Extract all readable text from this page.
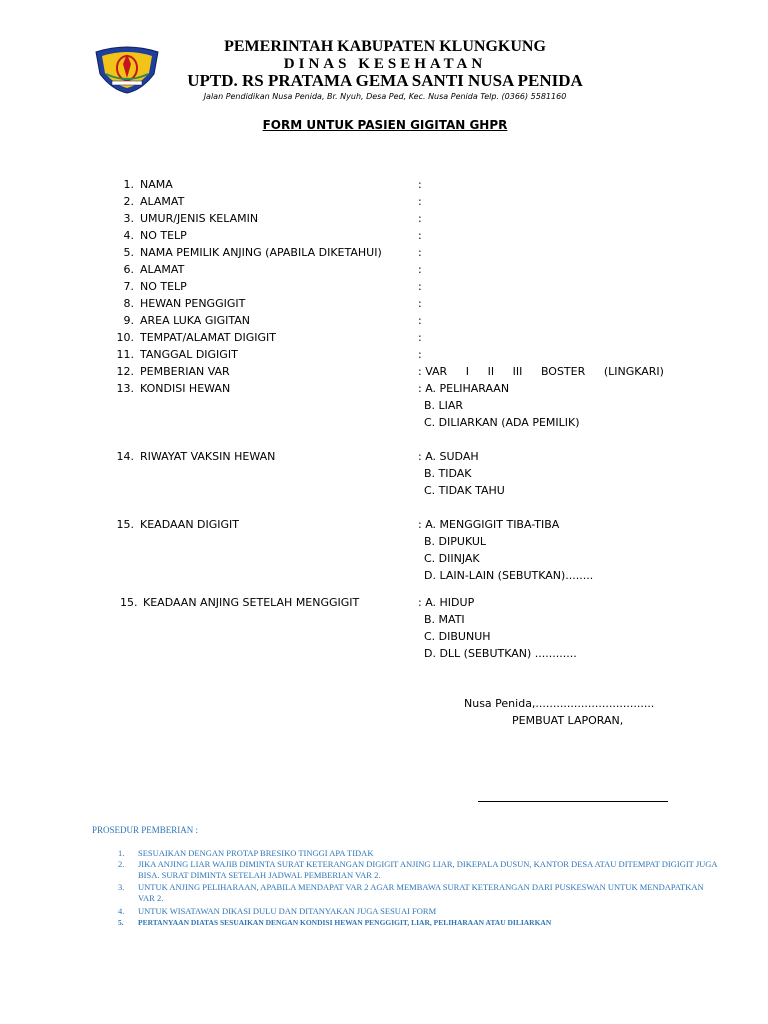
PEMERINTAH KABUPATEN KLUNGKUNG
DINAS KESEHATAN
UPTD. RS PRATAMA GEMA SANTI NUSA PENIDA
Jalan Pendidikan Nusa Penida, Br. Nyuh, Desa Ped, Kec. Nusa Penida Telp. (0366) 5581160
FORM UNTUK PASIEN GIGITAN GHPR
1. NAMA	:
2. ALAMAT	:
3. UMUR/JENIS KELAMIN	:
4. NO TELP	:
5. NAMA PEMILIK ANJING (APABILA DIKETAHUI)	:
6. ALAMAT	:
7. NO TELP	:
8. HEWAN PENGGIGIT	:
9. AREA LUKA GIGITAN	:
10. TEMPAT/ALAMAT DIGIGIT	:
11. TANGGAL DIGIGIT	:
12. PEMBERIAN VAR	: VAR I II III BOSTER (LINGKARI)
13. KONDISI HEWAN	: A. PELIHARAAN
B. LIAR
C. DILIARKAN (ADA PEMILIK)
14. RIWAYAT VAKSIN HEWAN	: A. SUDAH
B. TIDAK
C. TIDAK TAHU
15. KEADAAN DIGIGIT	: A. MENGGIGIT TIBA-TIBA
B. DIPUKUL
C. DIINJAK
D. LAIN-LAIN (SEBUTKAN)........
15. KEADAAN ANJING SETELAH MENGGIGIT	: A. HIDUP
B. MATI
C. DIBUNUH
D. DLL (SEBUTKAN) ............
Nusa Penida,..................................
PEMBUAT LAPORAN,
PROSEDUR PEMBERIAN :
1.	SESUAIKAN DENGAN PROTAP BRESIKO TINGGI APA TIDAK
2.	JIKA ANJING LIAR WAJIB DIMINTA SURAT KETERANGAN DIGIGIT ANJING LIAR, DIKEPALA DUSUN, KANTOR DESA ATAU DITEMPAT DIGIGIT JUGA BISA. SURAT DIMINTA SETELAH JADWAL PEMBERIAN VAR 2.
3.	UNTUK ANJING PELIHARAAN, APABILA MENDAPAT VAR 2 AGAR MEMBAWA SURAT KETERANGAN DARI PUSKESWAN UNTUK MENDAPATKAN VAR 2.
4.	UNTUK WISATAWAN DIKASI DULU DAN DITANYAKAN JUGA SESUAI FORM
5.	PERTANYAAN DIATAS SESUAIKAN DENGAN KONDISI HEWAN PENGGIGIT, LIAR, PELIHARAAN ATAU DILIARKAN
